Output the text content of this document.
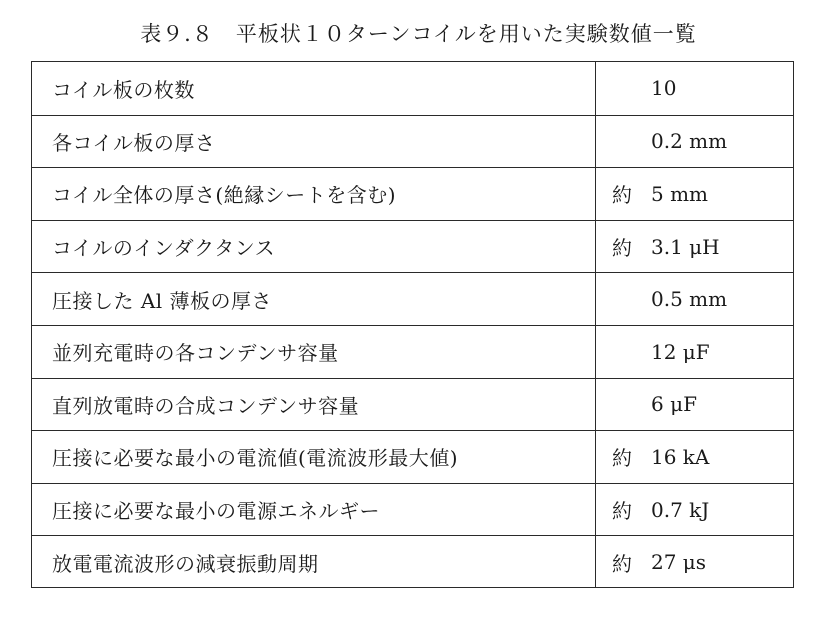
表９.８　平板状１０ターンコイルを用いた実験数値一覧
コイル板の枚数	10
各コイル板の厚さ	0.2 mm
コイル全体の厚さ(絶縁シートを含む)	約 5 mm
コイルのインダクタンス	約 3.1 μH
圧接した Al 薄板の厚さ	0.5 mm
並列充電時の各コンデンサ容量	12 μF
直列放電時の合成コンデンサ容量	6 μF
圧接に必要な最小の電流値(電流波形最大値)	約 16 kA
圧接に必要な最小の電源エネルギー	約 0.7 kJ
放電電流波形の減衰振動周期	約 27 μs
